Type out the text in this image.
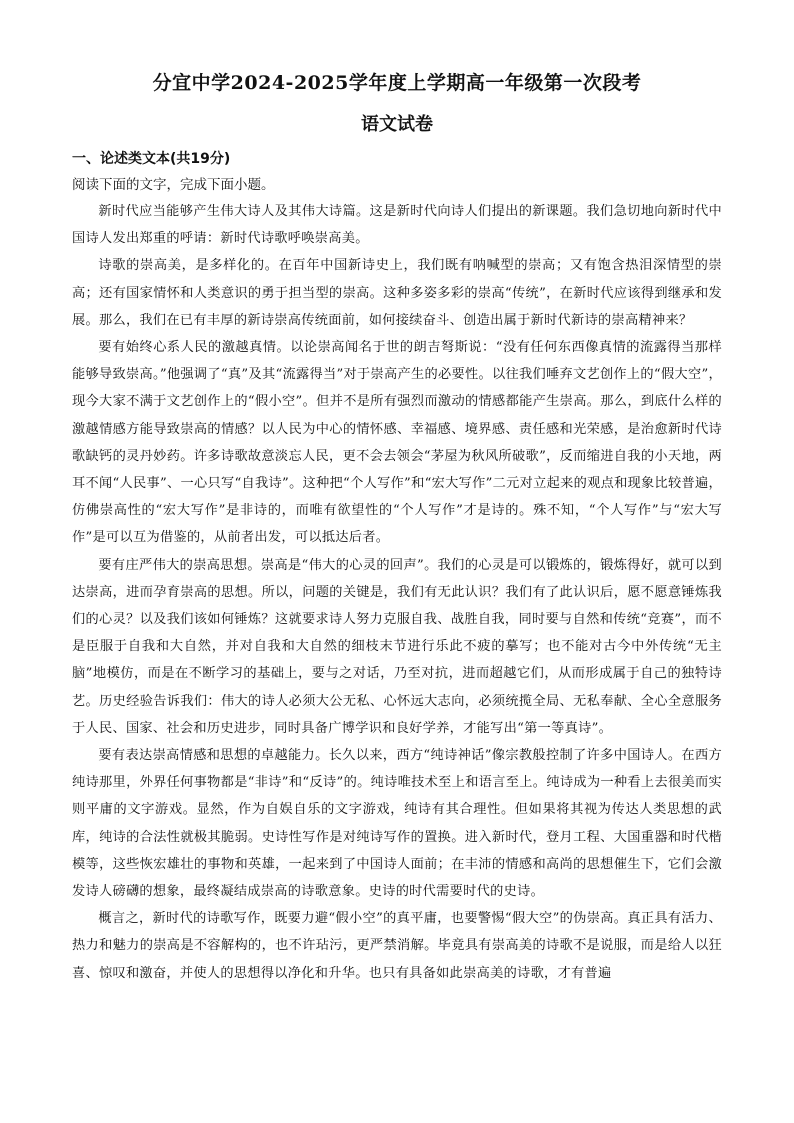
分宜中学2024-2025学年度上学期高一年级第一次段考
语文试卷
一、论述类文本(共19分)
阅读下面的文字，完成下面小题。

新时代应当能够产生伟大诗人及其伟大诗篇。这是新时代向诗人们提出的新课题。我们急切地向新时代中国诗人发出郑重的呼请：新时代诗歌呼唤崇高美。

诗歌的崇高美，是多样化的。在百年中国新诗史上，我们既有呐喊型的崇高；又有饱含热泪深情型的崇高；还有国家情怀和人类意识的勇于担当型的崇高。这种多姿多彩的崇高“传统”，在新时代应该得到继承和发展。那么，我们在已有丰厚的新诗崇高传统面前，如何接续奋斗、创造出属于新时代新诗的崇高精神来？

要有始终心系人民的激越真情。以论崇高闻名于世的朗吉弩斯说：“没有任何东西像真情的流露得当那样能够导致崇高。”他强调了“真”及其“流露得当”对于崇高产生的必要性。以往我们唾弃文艺创作上的“假大空”，现今大家不满于文艺创作上的“假小空”。但并不是所有强烈而激动的情感都能产生崇高。那么，到底什么样的激越情感方能导致崇高的情感？以人民为中心的情怀感、幸福感、境界感、责任感和光荣感，是治愈新时代诗歌缺钙的灵丹妙药。许多诗歌故意淡忘人民，更不会去领会“茅屋为秋风所破歌”，反而缩进自我的小天地，两耳不闻“人民事”、一心只写“自我诗”。这种把“个人写作”和“宏大写作”二元对立起来的观点和现象比较普遍，仿佛崇高性的“宏大写作”是非诗的，而唯有欲望性的“个人写作”才是诗的。殊不知，“个人写作”与“宏大写作”是可以互为借鉴的，从前者出发，可以抵达后者。

要有庄严伟大的崇高思想。崇高是“伟大的心灵的回声”。我们的心灵是可以锻炼的，锻炼得好，就可以到达崇高，进而孕育崇高的思想。所以，问题的关键是，我们有无此认识？我们有了此认识后，愿不愿意锤炼我们的心灵？以及我们该如何锤炼？这就要求诗人努力克服自我、战胜自我，同时要与自然和传统“竞赛”，而不是臣服于自我和大自然，并对自我和大自然的细枝末节进行乐此不疲的摹写；也不能对古今中外传统“无主脑”地模仿，而是在不断学习的基础上，要与之对话，乃至对抗，进而超越它们，从而形成属于自己的独特诗艺。历史经验告诉我们：伟大的诗人必须大公无私、心怀远大志向，必须统揽全局、无私奉献、全心全意服务于人民、国家、社会和历史进步，同时具备广博学识和良好学养，才能写出“第一等真诗”。

要有表达崇高情感和思想的卓越能力。长久以来，西方“纯诗神话”像宗教般控制了许多中国诗人。在西方纯诗那里，外界任何事物都是“非诗”和“反诗”的。纯诗唯技术至上和语言至上。纯诗成为一种看上去很美而实则平庸的文字游戏。显然，作为自娱自乐的文字游戏，纯诗有其合理性。但如果将其视为传达人类思想的武库，纯诗的合法性就极其脆弱。史诗性写作是对纯诗写作的置换。进入新时代，登月工程、大国重器和时代楷模等，这些恢宏雄壮的事物和英雄，一起来到了中国诗人面前；在丰沛的情感和高尚的思想催生下，它们会激发诗人磅礴的想象，最终凝结成崇高的诗歌意象。史诗的时代需要时代的史诗。

概言之，新时代的诗歌写作，既要力避“假小空”的真平庸，也要警惕“假大空”的伪崇高。真正具有活力、热力和魅力的崇高是不容解构的，也不许玷污，更严禁消解。毕竟具有崇高美的诗歌不是说服，而是给人以狂喜、惊叹和激奋，并使人的思想得以净化和升华。也只有具备如此崇高美的诗歌，才有普遍
